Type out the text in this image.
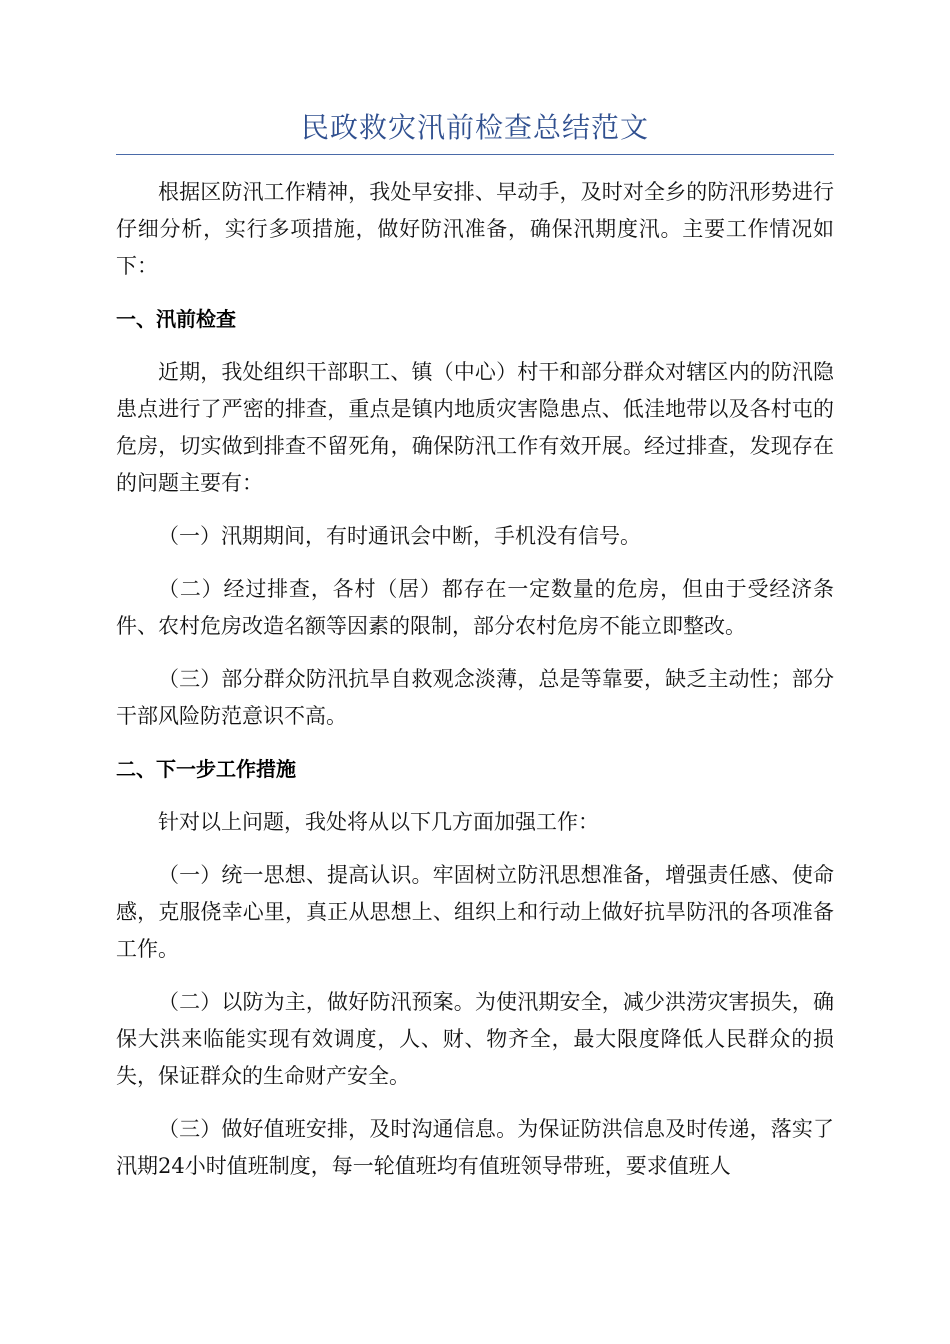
民政救灾汛前检查总结范文

根据区防汛工作精神，我处早安排、早动手，及时对全乡的防汛形势进行仔细分析，实行多项措施，做好防汛准备，确保汛期度汛。主要工作情况如下：

一、汛前检查

近期，我处组织干部职工、镇（中心）村干和部分群众对辖区内的防汛隐患点进行了严密的排查，重点是镇内地质灾害隐患点、低洼地带以及各村屯的危房，切实做到排查不留死角，确保防汛工作有效开展。经过排查，发现存在的问题主要有：

（一）汛期期间，有时通讯会中断，手机没有信号。

（二）经过排查，各村（居）都存在一定数量的危房，但由于受经济条件、农村危房改造名额等因素的限制，部分农村危房不能立即整改。

（三）部分群众防汛抗旱自救观念淡薄，总是等靠要，缺乏主动性；部分干部风险防范意识不高。

二、下一步工作措施

针对以上问题，我处将从以下几方面加强工作：

（一）统一思想、提高认识。牢固树立防汛思想准备，增强责任感、使命感，克服侥幸心里，真正从思想上、组织上和行动上做好抗旱防汛的各项准备工作。

（二）以防为主，做好防汛预案。为使汛期安全，减少洪涝灾害损失，确保大洪来临能实现有效调度，人、财、物齐全，最大限度降低人民群众的损失，保证群众的生命财产安全。

（三）做好值班安排，及时沟通信息。为保证防洪信息及时传递，落实了汛期24小时值班制度，每一轮值班均有值班领导带班，要求值班人
